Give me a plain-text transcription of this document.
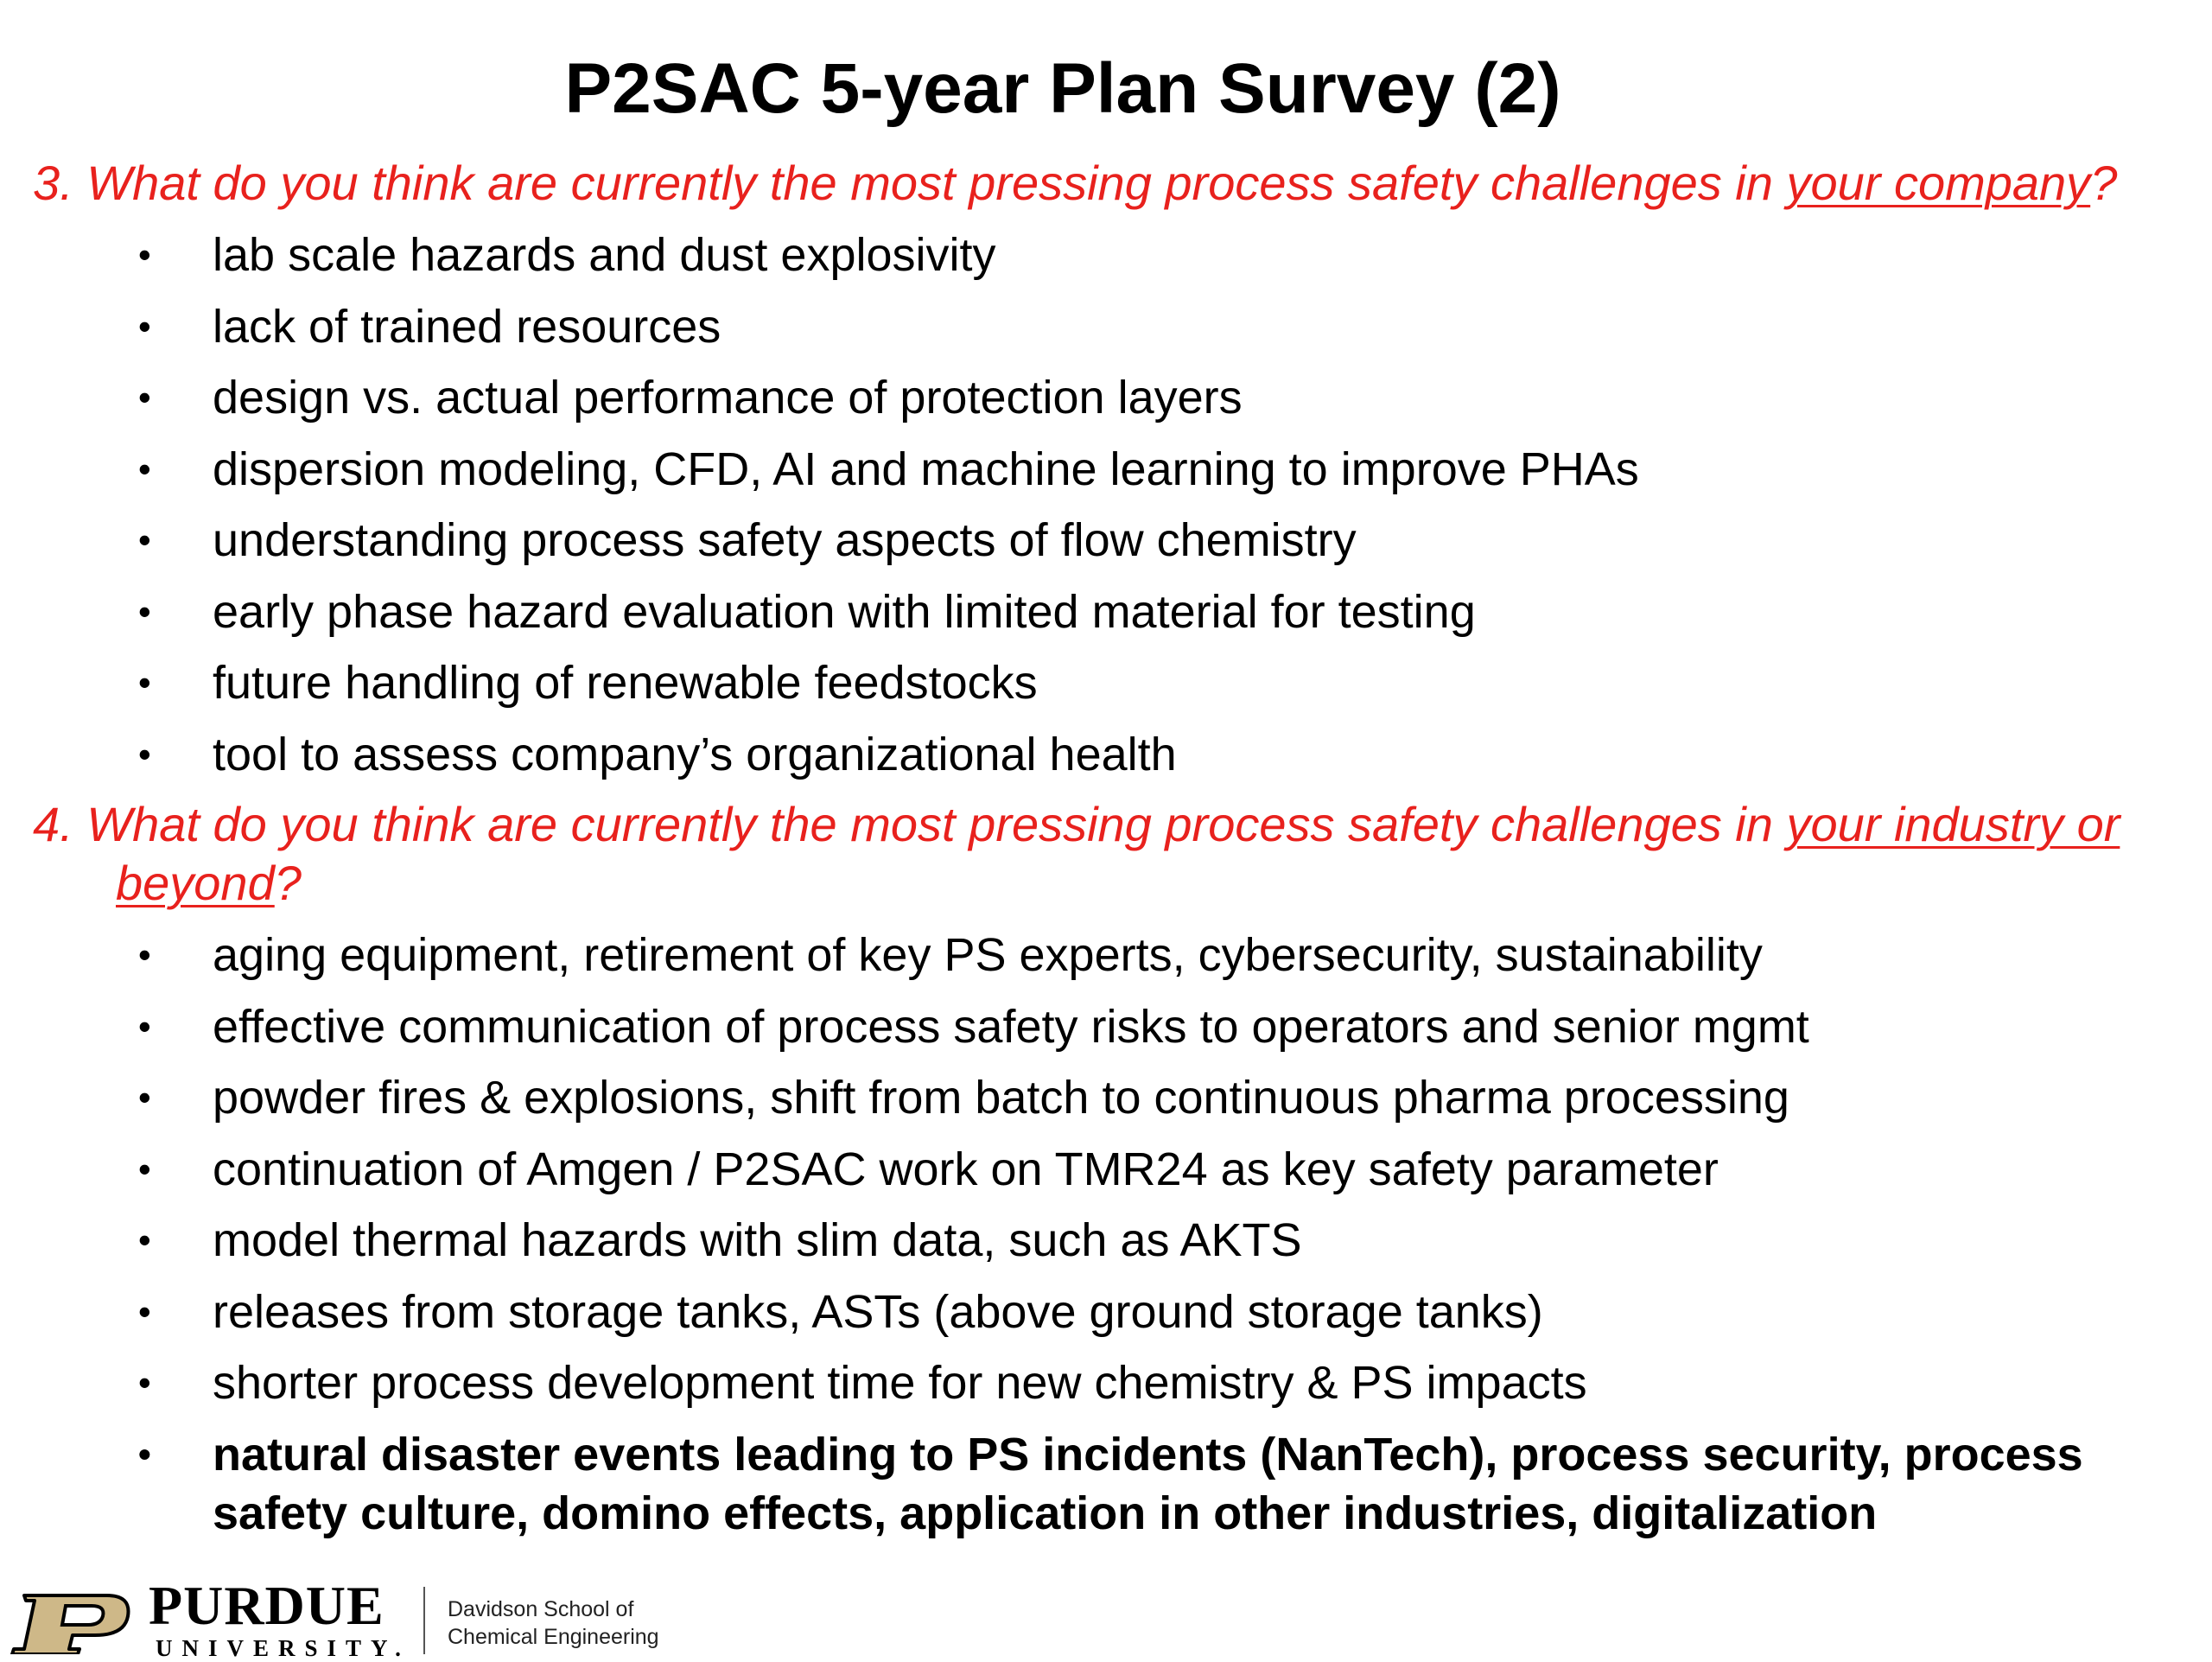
P2SAC 5-year Plan Survey (2)

3. What do you think are currently the most pressing process safety challenges in your company?

• lab scale hazards and dust explosivity
• lack of trained resources
• design vs. actual performance of protection layers
• dispersion modeling, CFD, AI and machine learning to improve PHAs
• understanding process safety aspects of flow chemistry
• early phase hazard evaluation with limited material for testing
• future handling of renewable feedstocks
• tool to assess company’s organizational health

4. What do you think are currently the most pressing process safety challenges in your industry or beyond?

• aging equipment, retirement of key PS experts, cybersecurity, sustainability
• effective communication of process safety risks to operators and senior mgmt
• powder fires & explosions, shift from batch to continuous pharma processing
• continuation of Amgen / P2SAC work on TMR24 as key safety parameter
• model thermal hazards with slim data, such as AKTS
• releases from storage tanks, ASTs (above ground storage tanks)
• shorter process development time for new chemistry & PS impacts
• natural disaster events leading to PS incidents (NanTech), process security, process safety culture, domino effects, application in other industries, digitalization
PURDUE
UNIVERSITY.
Davidson School of
Chemical Engineering
